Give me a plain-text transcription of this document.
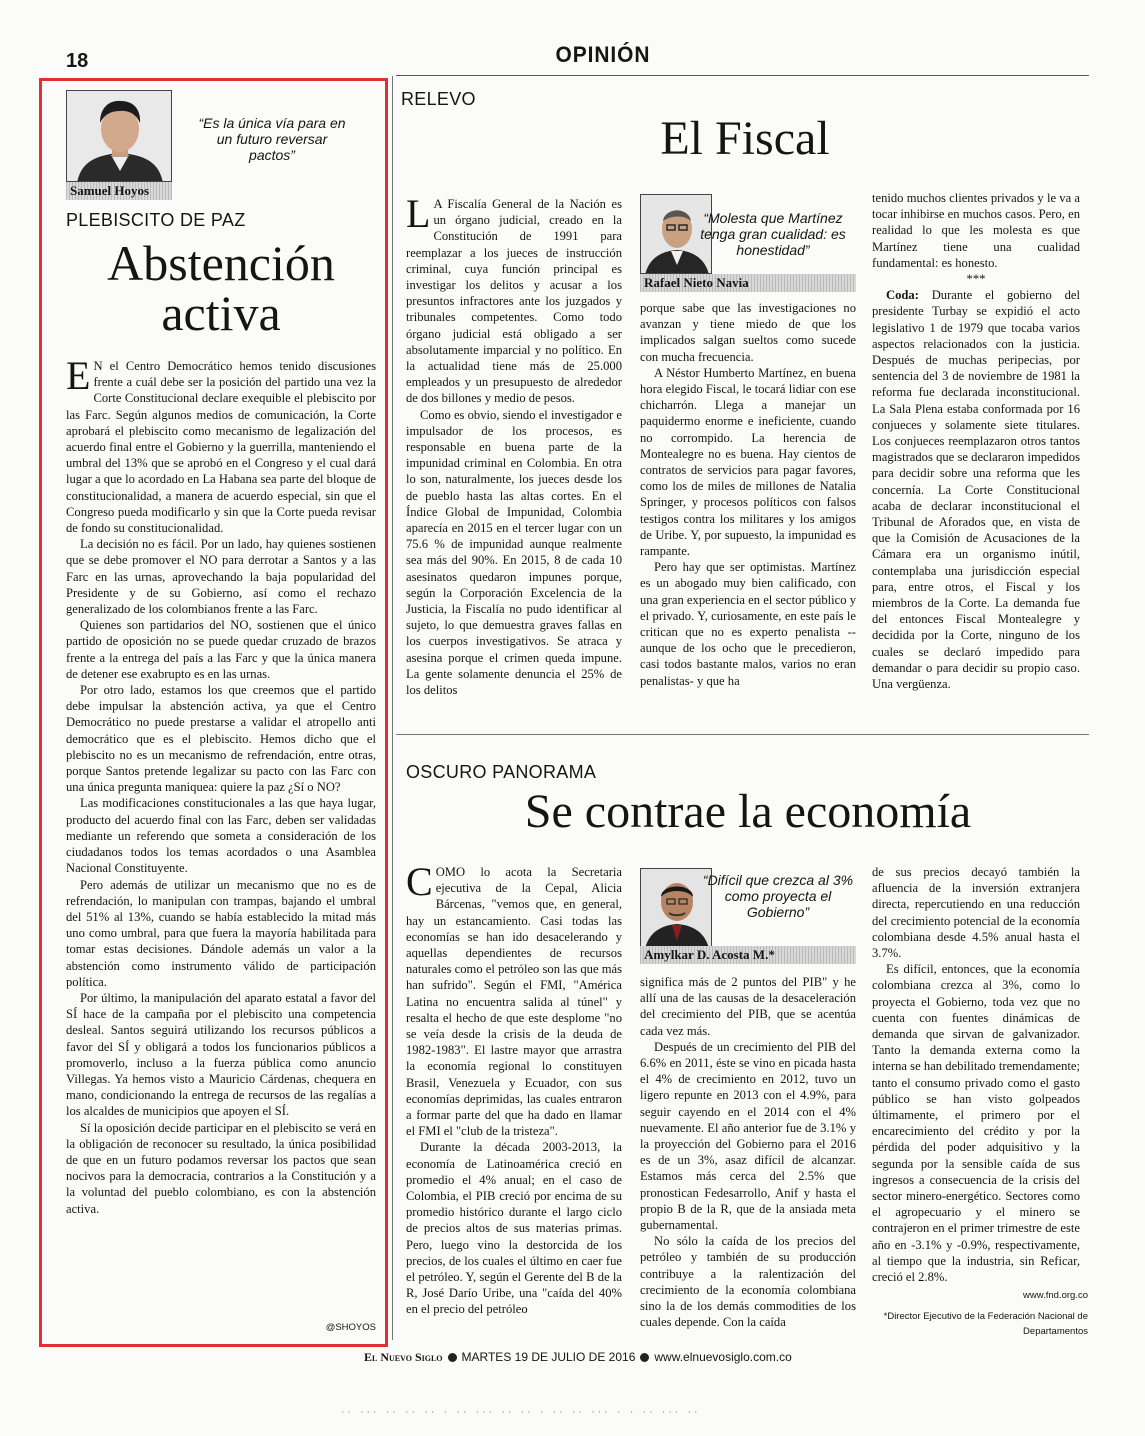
18	OPINIÓN
Samuel Hoyos
“Es la única vía para en un futuro reversar pactos”
PLEBISCITO DE PAZ
Abstención
activa

E N el Centro Democrático hemos tenido discusiones frente a cuál debe ser la posición del partido una vez la Corte Constitucional declare exequible el plebiscito por las Farc. Según algunos medios de comunicación, la Corte aprobará el plebiscito como mecanismo de legalización del acuerdo final entre el Gobierno y la guerrilla, manteniendo el umbral del 13% que se aprobó en el Congreso y el cual dará lugar a que lo acordado en La Habana sea parte del bloque de constitucionalidad, a manera de acuerdo especial, sin que el Congreso pueda modificarlo y sin que la Corte pueda revisar de fondo su constitucionalidad.

La decisión no es fácil. Por un lado, hay quienes sostienen que se debe promover el NO para derrotar a Santos y a las Farc en las urnas, aprovechando la baja popularidad del Presidente y de su Gobierno, así como el rechazo generalizado de los colombianos frente a las Farc.

Quienes son partidarios del NO, sostienen que el único partido de oposición no se puede quedar cruzado de brazos frente a la entrega del país a las Farc y que la única manera de detener ese exabrupto es en las urnas.

Por otro lado, estamos los que creemos que el partido debe impulsar la abstención activa, ya que el Centro Democrático no puede prestarse a validar el atropello anti democrático que es el plebiscito. Hemos dicho que el plebiscito no es un mecanismo de refrendación, entre otras, porque Santos pretende legalizar su pacto con las Farc con una única pregunta maniquea: quiere la paz ¿Sí o NO?

Las modificaciones constitucionales a las que haya lugar, producto del acuerdo final con las Farc, deben ser validadas mediante un referendo que someta a consideración de los ciudadanos todos los temas acordados o una Asamblea Nacional Constituyente.

Pero además de utilizar un mecanismo que no es de refrendación, lo manipulan con trampas, bajando el umbral del 51% al 13%, cuando se había establecido la mitad más uno como umbral, para que fuera la mayoría habilitada para tomar estas decisiones. Dándole además un valor a la abstención como instrumento válido de participación política.

Por último, la manipulación del aparato estatal a favor del SÍ hace de la campaña por el plebiscito una competencia desleal. Santos seguirá utilizando los recursos públicos a favor del SÍ y obligará a todos los funcionarios públicos a promoverlo, incluso a la fuerza pública como anuncio Villegas. Ya hemos visto a Mauricio Cárdenas, chequera en mano, condicionando la entrega de recursos de las regalías a los alcaldes de municipios que apoyen el SÍ.

Sí la oposición decide participar en el plebiscito se verá en la obligación de reconocer su resultado, la única posibilidad de que en un futuro podamos reversar los pactos que sean nocivos para la democracia, contrarios a la Constitución y a la voluntad del pueblo colombiano, es con la abstención activa.

@SHOYOS
RELEVO
El Fiscal

L A Fiscalía General de la Nación es un órgano judicial, creado en la Constitución de 1991 para reemplazar a los jueces de instrucción criminal, cuya función principal es investigar los delitos y acusar a los presuntos infractores ante los juzgados y tribunales competentes. Como todo órgano judicial está obligado a ser absolutamente imparcial y no político. En la actualidad tiene más de 25.000 empleados y un presupuesto de alrededor de dos billones y medio de pesos.

Como es obvio, siendo el investigador e impulsador de los procesos, es responsable en buena parte de la impunidad criminal en Colombia. En otra lo son, naturalmente, los jueces desde los de pueblo hasta las altas cortes. En el Índice Global de Impunidad, Colombia aparecía en 2015 en el tercer lugar con un 75.6 % de impunidad aunque realmente sea más del 90%. En 2015, 8 de cada 10 asesinatos quedaron impunes porque, según la Corporación Excelencia de la Justicia, la Fiscalía no pudo identificar al sujeto, lo que demuestra graves fallas en los cuerpos investigativos. Se atraca y asesina porque el crimen queda impune. La gente solamente denuncia el 25% de los delitos

“Molesta que Martínez tenga gran cualidad: es honestidad”
Rafael Nieto Navia

porque sabe que las investigaciones no avanzan y tiene miedo de que los implicados salgan sueltos como sucede con mucha frecuencia.

A Néstor Humberto Martínez, en buena hora elegido Fiscal, le tocará lidiar con ese chicharrón. Llega a manejar un paquidermo enorme e ineficiente, cuando no corrompido. La herencia de Montealegre no es buena. Hay cientos de contratos de servicios para pagar favores, como los de miles de millones de Natalia Springer, y procesos políticos con falsos testigos contra los militares y los amigos de Uribe. Y, por supuesto, la impunidad es rampante.

Pero hay que ser optimistas. Martínez es un abogado muy bien calificado, con una gran experiencia en el sector público y el privado. Y, curiosamente, en este país le critican que no es experto penalista --aunque de los ocho que le precedieron, casi todos bastante malos, varios no eran penalistas- y que ha

tenido muchos clientes privados y le va a tocar inhibirse en muchos casos. Pero, en realidad lo que les molesta es que Martínez tiene una cualidad fundamental: es honesto.

***

Coda: Durante el gobierno del presidente Turbay se expidió el acto legislativo 1 de 1979 que tocaba varios aspectos relacionados con la justicia. Después de muchas peripecias, por sentencia del 3 de noviembre de 1981 la reforma fue declarada inconstitucional. La Sala Plena estaba conformada por 16 conjueces y solamente siete titulares. Los conjueces reemplazaron otros tantos magistrados que se declararon impedidos para decidir sobre una reforma que les concernía. La Corte Constitucional acaba de declarar inconstitucional el Tribunal de Aforados que, en vista de que la Comisión de Acusaciones de la Cámara era un organismo inútil, contemplaba una jurisdicción especial para, entre otros, el Fiscal y los miembros de la Corte. La demanda fue del entonces Fiscal Montealegre y decidida por la Corte, ninguno de los cuales se declaró impedido para demandar o para decidir su propio caso. Una vergüenza.

OSCURO PANORAMA
Se contrae la economía

COMO lo acota la Secretaria ejecutiva de la Cepal, Alicia Bárcenas, "vemos que, en general, hay un estancamiento. Casi todas las economías se han ido desacelerando y aquellas dependientes de recursos naturales como el petróleo son las que más han sufrido". Según el FMI, "América Latina no encuentra salida al túnel" y resalta el hecho de que este desplome "no se veía desde la crisis de la deuda de 1982-1983". El lastre mayor que arrastra la economía regional lo constituyen Brasil, Venezuela y Ecuador, con sus economías deprimidas, las cuales entraron a formar parte del que ha dado en llamar el FMI el "club de la tristeza".

Durante la década 2003-2013, la economía de Latinoamérica creció en promedio el 4% anual; en el caso de Colombia, el PIB creció por encima de su promedio histórico durante el largo ciclo de precios altos de sus materias primas. Pero, luego vino la destorcida de los precios, de los cuales el último en caer fue el petróleo. Y, según el Gerente del B de la R, José Darío Uribe, una "caída del 40% en el precio del petróleo

“Difícil que crezca al 3% como proyecta el Gobierno”
Amylkar D. Acosta M.*

significa más de 2 puntos del PIB" y he allí una de las causas de la desaceleración del crecimiento del PIB, que se acentúa cada vez más.

Después de un crecimiento del PIB del 6.6% en 2011, éste se vino en picada hasta el 4% de crecimiento en 2012, tuvo un ligero repunte en 2013 con el 4.9%, para seguir cayendo en el 2014 con el 4% nuevamente. El año anterior fue de 3.1% y la proyección del Gobierno para el 2016 es de un 3%, asaz difícil de alcanzar. Estamos más cerca del 2.5% que pronostican Fedesarrollo, Anif y hasta el propio B de la R, que de la ansiada meta gubernamental.

No sólo la caída de los precios del petróleo y también de su producción contribuye a la ralentización del crecimiento de la economía colombiana sino la de los demás commodities de los cuales depende. Con la caída

de sus precios decayó también la afluencia de la inversión extranjera directa, repercutiendo en una reducción del crecimiento potencial de la economía colombiana desde 4.5% anual hasta el 3.7%.

Es difícil, entonces, que la economía colombiana crezca al 3%, como lo proyecta el Gobierno, toda vez que no cuenta con fuentes dinámicas de demanda que sirvan de galvanizador. Tanto la demanda externa como la interna se han debilitado tremendamente; tanto el consumo privado como el gasto público se han visto golpeados últimamente, el primero por el encarecimiento del crédito y por la pérdida del poder adquisitivo y la segunda por la sensible caída de sus ingresos a consecuencia de la crisis del sector minero-energético. Sectores como el agropecuario y el minero se contrajeron en el primer trimestre de este año en -3.1% y -0.9%, respectivamente, al tiempo que la industria, sin Reficar, creció el 2.8%.

www.fnd.org.co
*Director Ejecutivo de la Federación Nacional de
Departamentos
El Nuevo Siglo MARTES 19 DE JULIO DE 2016 www.elnuevosiglo.com.co
·· ··· ·· ·· ·· · ·· ··· ·· ·· · ·· ·· ··· · · ·· ··· ··
